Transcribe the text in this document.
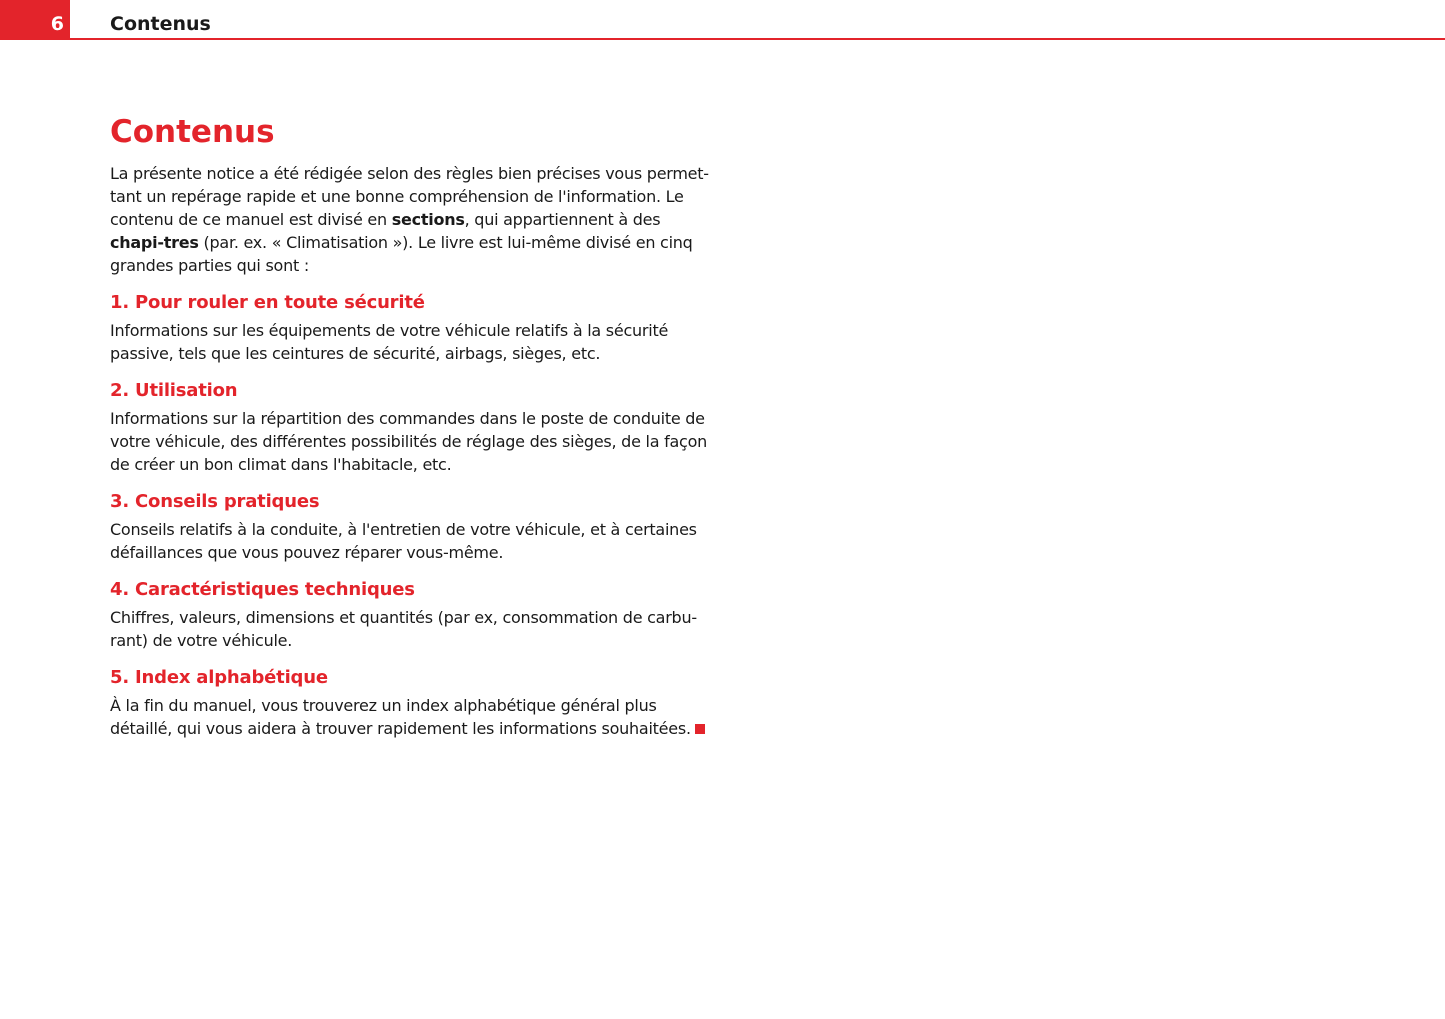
6 Contenus
Contenus

La présente notice a été rédigée selon des règles bien précises vous permet-tant un repérage rapide et une bonne compréhension de l'information. Le contenu de ce manuel est divisé en sections, qui appartiennent à des chapi-tres (par. ex. « Climatisation »). Le livre est lui-même divisé en cinq grandes parties qui sont :

1. Pour rouler en toute sécurité

Informations sur les équipements de votre véhicule relatifs à la sécurité passive, tels que les ceintures de sécurité, airbags, sièges, etc.

2. Utilisation

Informations sur la répartition des commandes dans le poste de conduite de votre véhicule, des différentes possibilités de réglage des sièges, de la façon de créer un bon climat dans l'habitacle, etc.

3. Conseils pratiques

Conseils relatifs à la conduite, à l'entretien de votre véhicule, et à certaines défaillances que vous pouvez réparer vous-même.

4. Caractéristiques techniques

Chiffres, valeurs, dimensions et quantités (par ex, consommation de carbu-rant) de votre véhicule.

5. Index alphabétique

À la fin du manuel, vous trouverez un index alphabétique général plus détaillé, qui vous aidera à trouver rapidement les informations souhaitées.
